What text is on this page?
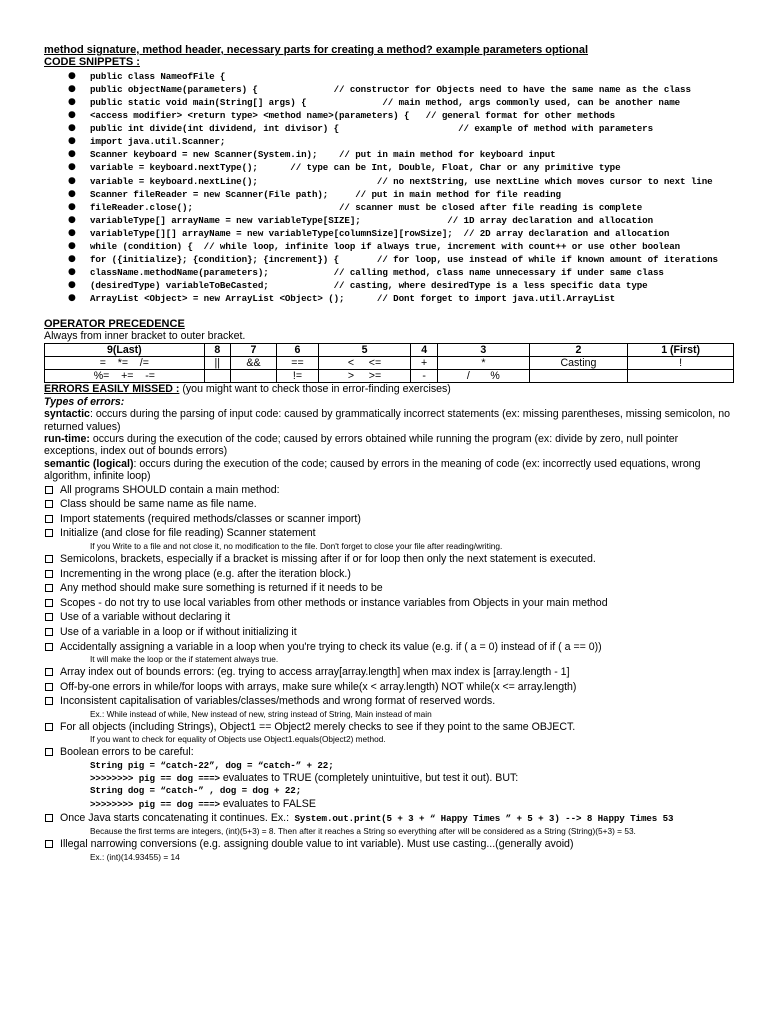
method signature, method header, necessary parts for creating a method? example parameters optional
CODE SNIPPETS :
● public class NameofFile {
● public objectName(parameters) {              // constructor for Objects need to have the same name as the class
● public static void main(String[] args) {              // main method, args commonly used, can be another name
● <access modifier> <return type> <method name>(parameters) {   // general format for other methods
● public int divide(int dividend, int divisor) {                      // example of method with parameters
● import java.util.Scanner;
● Scanner keyboard = new Scanner(System.in);    // put in main method for keyboard input
● variable = keyboard.nextType();      // type can be Int, Double, Float, Char or any primitive type
● variable = keyboard.nextLine();                      // no nextString, use nextLine which moves cursor to next line
● Scanner fileReader = new Scanner(File path);     // put in main method for file reading
● fileReader.close();                           // scanner must be closed after file reading is complete
● variableType[] arrayName = new variableType[SIZE];                // 1D array declaration and allocation
● variableType[][] arrayName = new variableType[columnSize][rowSize];  // 2D array declaration and allocation
● while (condition) {  // while loop, infinite loop if always true, increment with count++ or use other boolean
● for ({initialize}; {condition}; {increment}) {       // for loop, use instead of while if known amount of iterations
● className.methodName(parameters);            // calling method, class name unnecessary if under same class
● (desiredType) variableToBeCasted;            // casting, where desiredType is a less specific data type
● ArrayList <Object> = new ArrayList <Object> ();      // Dont forget to import java.util.ArrayList
OPERATOR PRECEDENCE
Always from inner bracket to outer bracket.
9(Last)	8	7	6	5	4	3	2	1 (First)
=    *=    /=	||	&&	==	<     <=	+	*	Casting	!
%=    +=    -=			!=	>     >=	-	/       %		
ERRORS EASILY MISSED : (you might want to check those in error-finding exercises)
Types of errors:

syntactic: occurs during the parsing of input code: caused by grammatically incorrect statements (ex: missing parentheses, missing semicolon, no returned values)

run-time: occurs during the execution of the code; caused by errors obtained while running the program (ex: divide by zero, null pointer exceptions, index out of bounds errors)

semantic (logical): occurs during the execution of the code; caused by errors in the meaning of code (ex: incorrectly used equations, wrong algorithm, infinite loop)

All programs SHOULD contain a main method:
Class should be same name as file name.
Import statements (required methods/classes or scanner import)
Initialize (and close for file reading) Scanner statement
If you Write to a file and not close it, no modification to the file. Don't forget to close your file after reading/writing.
Semicolons, brackets, especially if a bracket is missing after if or for loop then only the next statement is executed.
Incrementing in the wrong place (e.g. after the iteration block.)
Any method should make sure something is returned if it needs to be
Scopes - do not try to use local variables from other methods or instance variables from Objects in your main method
Use of a variable without declaring it
Use of a variable in a loop or if without initializing it
Accidentally assigning a variable in a loop when you're trying to check its value (e.g. if ( a = 0) instead of if ( a == 0))
It will make the loop or the if statement always true.
Array index out of bounds errors: (eg. trying to access array[array.length] when max index is [array.length - 1]
Off-by-one errors in while/for loops with arrays, make sure while(x < array.length) NOT while(x <= array.length)
Inconsistent capitalisation of variables/classes/methods and wrong format of reserved words.
Ex.: While instead of while, New instead of new, string instead of String, Main instead of main
For all objects (including Strings), Object1 == Object2 merely checks to see if they point to the same OBJECT.
If you want to check for equality of Objects use Object1.equals(Object2) method.
Boolean errors to be careful:
String pig = “catch-22”, dog = “catch-” + 22;
>>>>>>>> pig == dog ===> evaluates to TRUE (completely unintuitive, but test it out). BUT:
String dog = “catch-” , dog = dog + 22;
>>>>>>>> pig == dog ===> evaluates to FALSE
Once Java starts concatenating it continues. Ex.: System.out.print(5 + 3 + “ Happy Times ” + 5 + 3) --> 8 Happy Times 53
Because the first terms are integers, (int)(5+3) = 8. Then after it reaches a String so everything after will be considered as a String (String)(5+3) = 53.
Illegal narrowing conversions (e.g. assigning double value to int variable). Must use casting...(generally avoid)
Ex.: (int)(14.93455) = 14
